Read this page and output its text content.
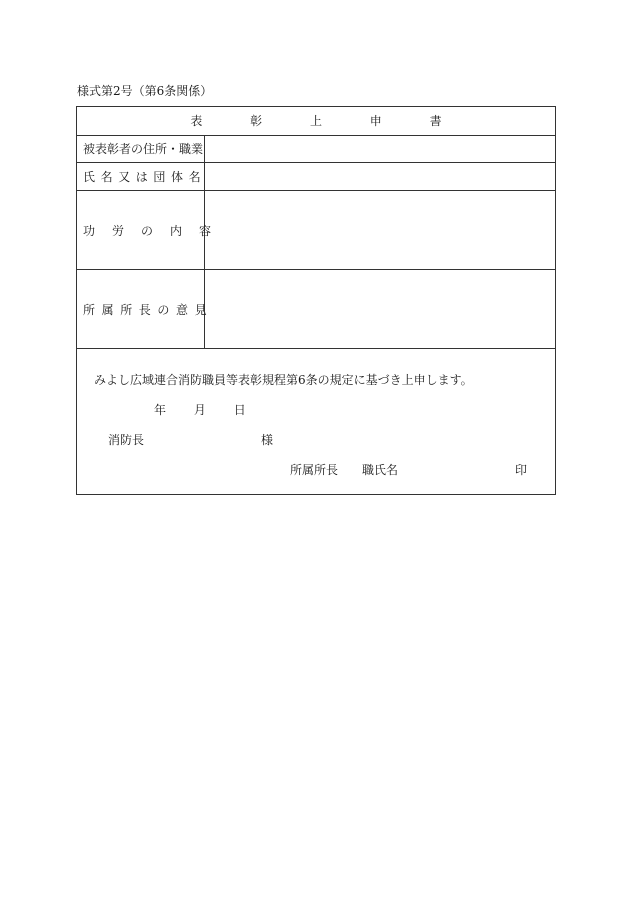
様式第2号（第6条関係）
表 彰 上 申 書
被表彰者の住所・職業
氏名又は団体名
功労の内容
所属所長の意見
みよし広域連合消防職員等表彰規程第6条の規定に基づき上申します。
年 月 日
消防長	様
所属所長 職氏名	印
